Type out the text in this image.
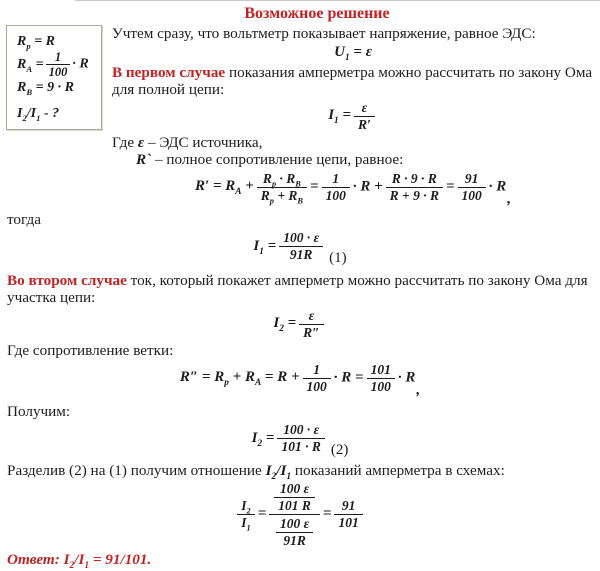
Возможное решение
$R_p = R$
$R_A = \frac{1}{100} \cdot R$
$R_B = 9 \cdot R$
$I_2/I_1$ - ?

Учтем сразу, что вольтметр показывает напряжение, равное ЭДС:

$U_1 = \varepsilon$

В первом случае показания амперметра можно рассчитать по закону Ома для полной цепи:

$I_1 = \frac{\varepsilon}{R'}$

Где ε – ЭДС источника,

R` – полное сопротивление цепи, равное:

$R' = R_A + \frac{R_p \cdot R_B}{R_p + R_B} = \frac{1}{100} \cdot R + \frac{R \cdot 9 \cdot R}{R + 9 \cdot R} = \frac{91}{100} \cdot R$,

тогда

$I_1 = \frac{100 \cdot \varepsilon}{91R} (1)$

Во втором случае ток, который покажет амперметр можно рассчитать по закону Ома для участка цепи:

$I_2 = \frac{\varepsilon}{R''}$

Где сопротивление ветки:

$R'' = R_p + R_A = R + \frac{1}{100} \cdot R = \frac{101}{100} \cdot R$,

Получим:

$I_2 = \frac{100 \cdot \varepsilon}{101 \cdot R} (2)$

Разделив (2) на (1) получим отношение $I_2/I_1$ показаний амперметра в схемах:

$\frac{I_2}{I_1} = \frac{\frac{100 \varepsilon}{101 R}}{\frac{100 \varepsilon}{91R}} = \frac{91}{101}$

Ответ: $I_2/I_1 = 91/101$.
